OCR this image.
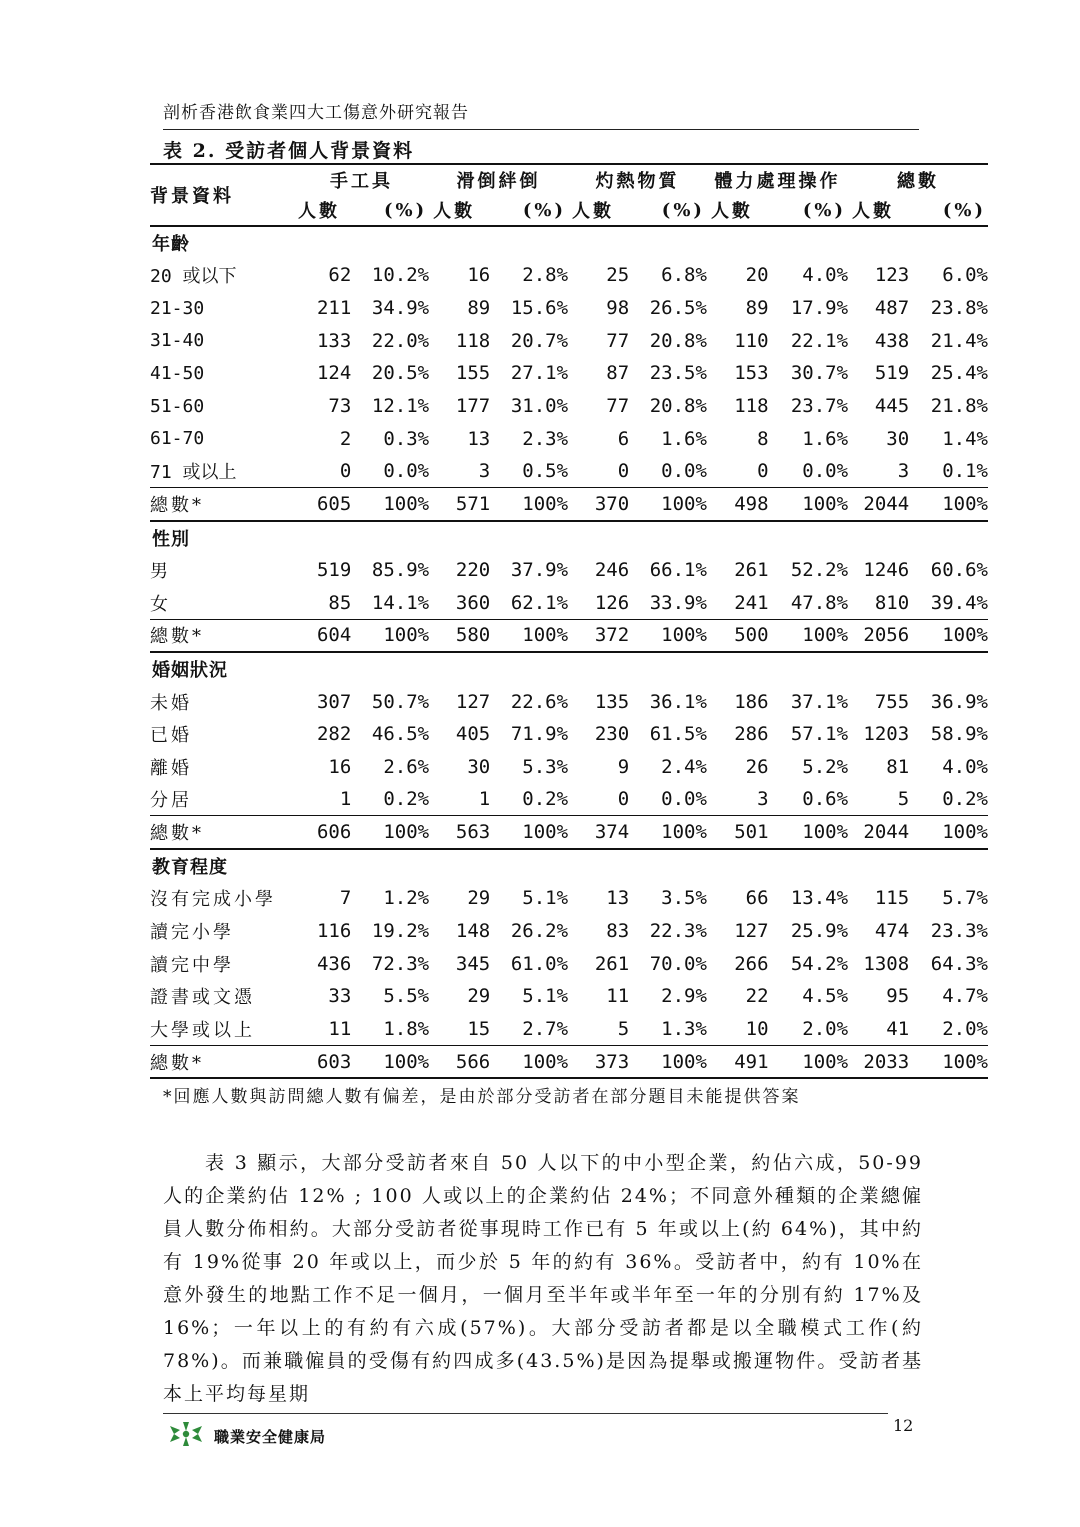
剖析香港飲食業四大工傷意外研究報告
表 2. 受訪者個人背景資料
背景資料	手工具		滑倒絆倒		灼熱物質		體力處理操作		總數	
	人數	(%)	人數	(%)	人數	(%)	人數	(%)	人數	(%)
年齡										
20 或以下	62	10.2%	16	2.8%	25	6.8%	20	4.0%	123	6.0%
21-30	211	34.9%	89	15.6%	98	26.5%	89	17.9%	487	23.8%
31-40	133	22.0%	118	20.7%	77	20.8%	110	22.1%	438	21.4%
41-50	124	20.5%	155	27.1%	87	23.5%	153	30.7%	519	25.4%
51-60	73	12.1%	177	31.0%	77	20.8%	118	23.7%	445	21.8%
61-70	2	0.3%	13	2.3%	6	1.6%	8	1.6%	30	1.4%
71 或以上	0	0.0%	3	0.5%	0	0.0%	0	0.0%	3	0.1%
總數*	605	100%	571	100%	370	100%	498	100%	2044	100%
性別										
男	519	85.9%	220	37.9%	246	66.1%	261	52.2%	1246	60.6%
女	85	14.1%	360	62.1%	126	33.9%	241	47.8%	810	39.4%
總數*	604	100%	580	100%	372	100%	500	100%	2056	100%
婚姻狀況										
未婚	307	50.7%	127	22.6%	135	36.1%	186	37.1%	755	36.9%
已婚	282	46.5%	405	71.9%	230	61.5%	286	57.1%	1203	58.9%
離婚	16	2.6%	30	5.3%	9	2.4%	26	5.2%	81	4.0%
分居	1	0.2%	1	0.2%	0	0.0%	3	0.6%	5	0.2%
總數*	606	100%	563	100%	374	100%	501	100%	2044	100%
教育程度										
沒有完成小學	7	1.2%	29	5.1%	13	3.5%	66	13.4%	115	5.7%
讀完小學	116	19.2%	148	26.2%	83	22.3%	127	25.9%	474	23.3%
讀完中學	436	72.3%	345	61.0%	261	70.0%	266	54.2%	1308	64.3%
證書或文憑	33	5.5%	29	5.1%	11	2.9%	22	4.5%	95	4.7%
大學或以上	11	1.8%	15	2.7%	5	1.3%	10	2.0%	41	2.0%
總數*	603	100%	566	100%	373	100%	491	100%	2033	100%
*回應人數與訪問總人數有偏差，是由於部分受訪者在部分題目未能提供答案

表 3 顯示，大部分受訪者來自 50 人以下的中小型企業，約佔六成，50-99 人的企業約佔 12% ; 100 人或以上的企業約佔 24%；不同意外種類的企業總僱員人數分佈相約。大部分受訪者從事現時工作已有 5 年或以上(約 64%)，其中約有 19%從事 20 年或以上，而少於 5 年的約有 36%。受訪者中，約有 10%在意外發生的地點工作不足一個月，一個月至半年或半年至一年的分別有約 17%及 16%；一年以上的有約有六成(57%)。大部分受訪者都是以全職模式工作(約 78%)。而兼職僱員的受傷有約四成多(43.5%)是因為提舉或搬運物件。受訪者基本上平均每星期

12
職業安全健康局
